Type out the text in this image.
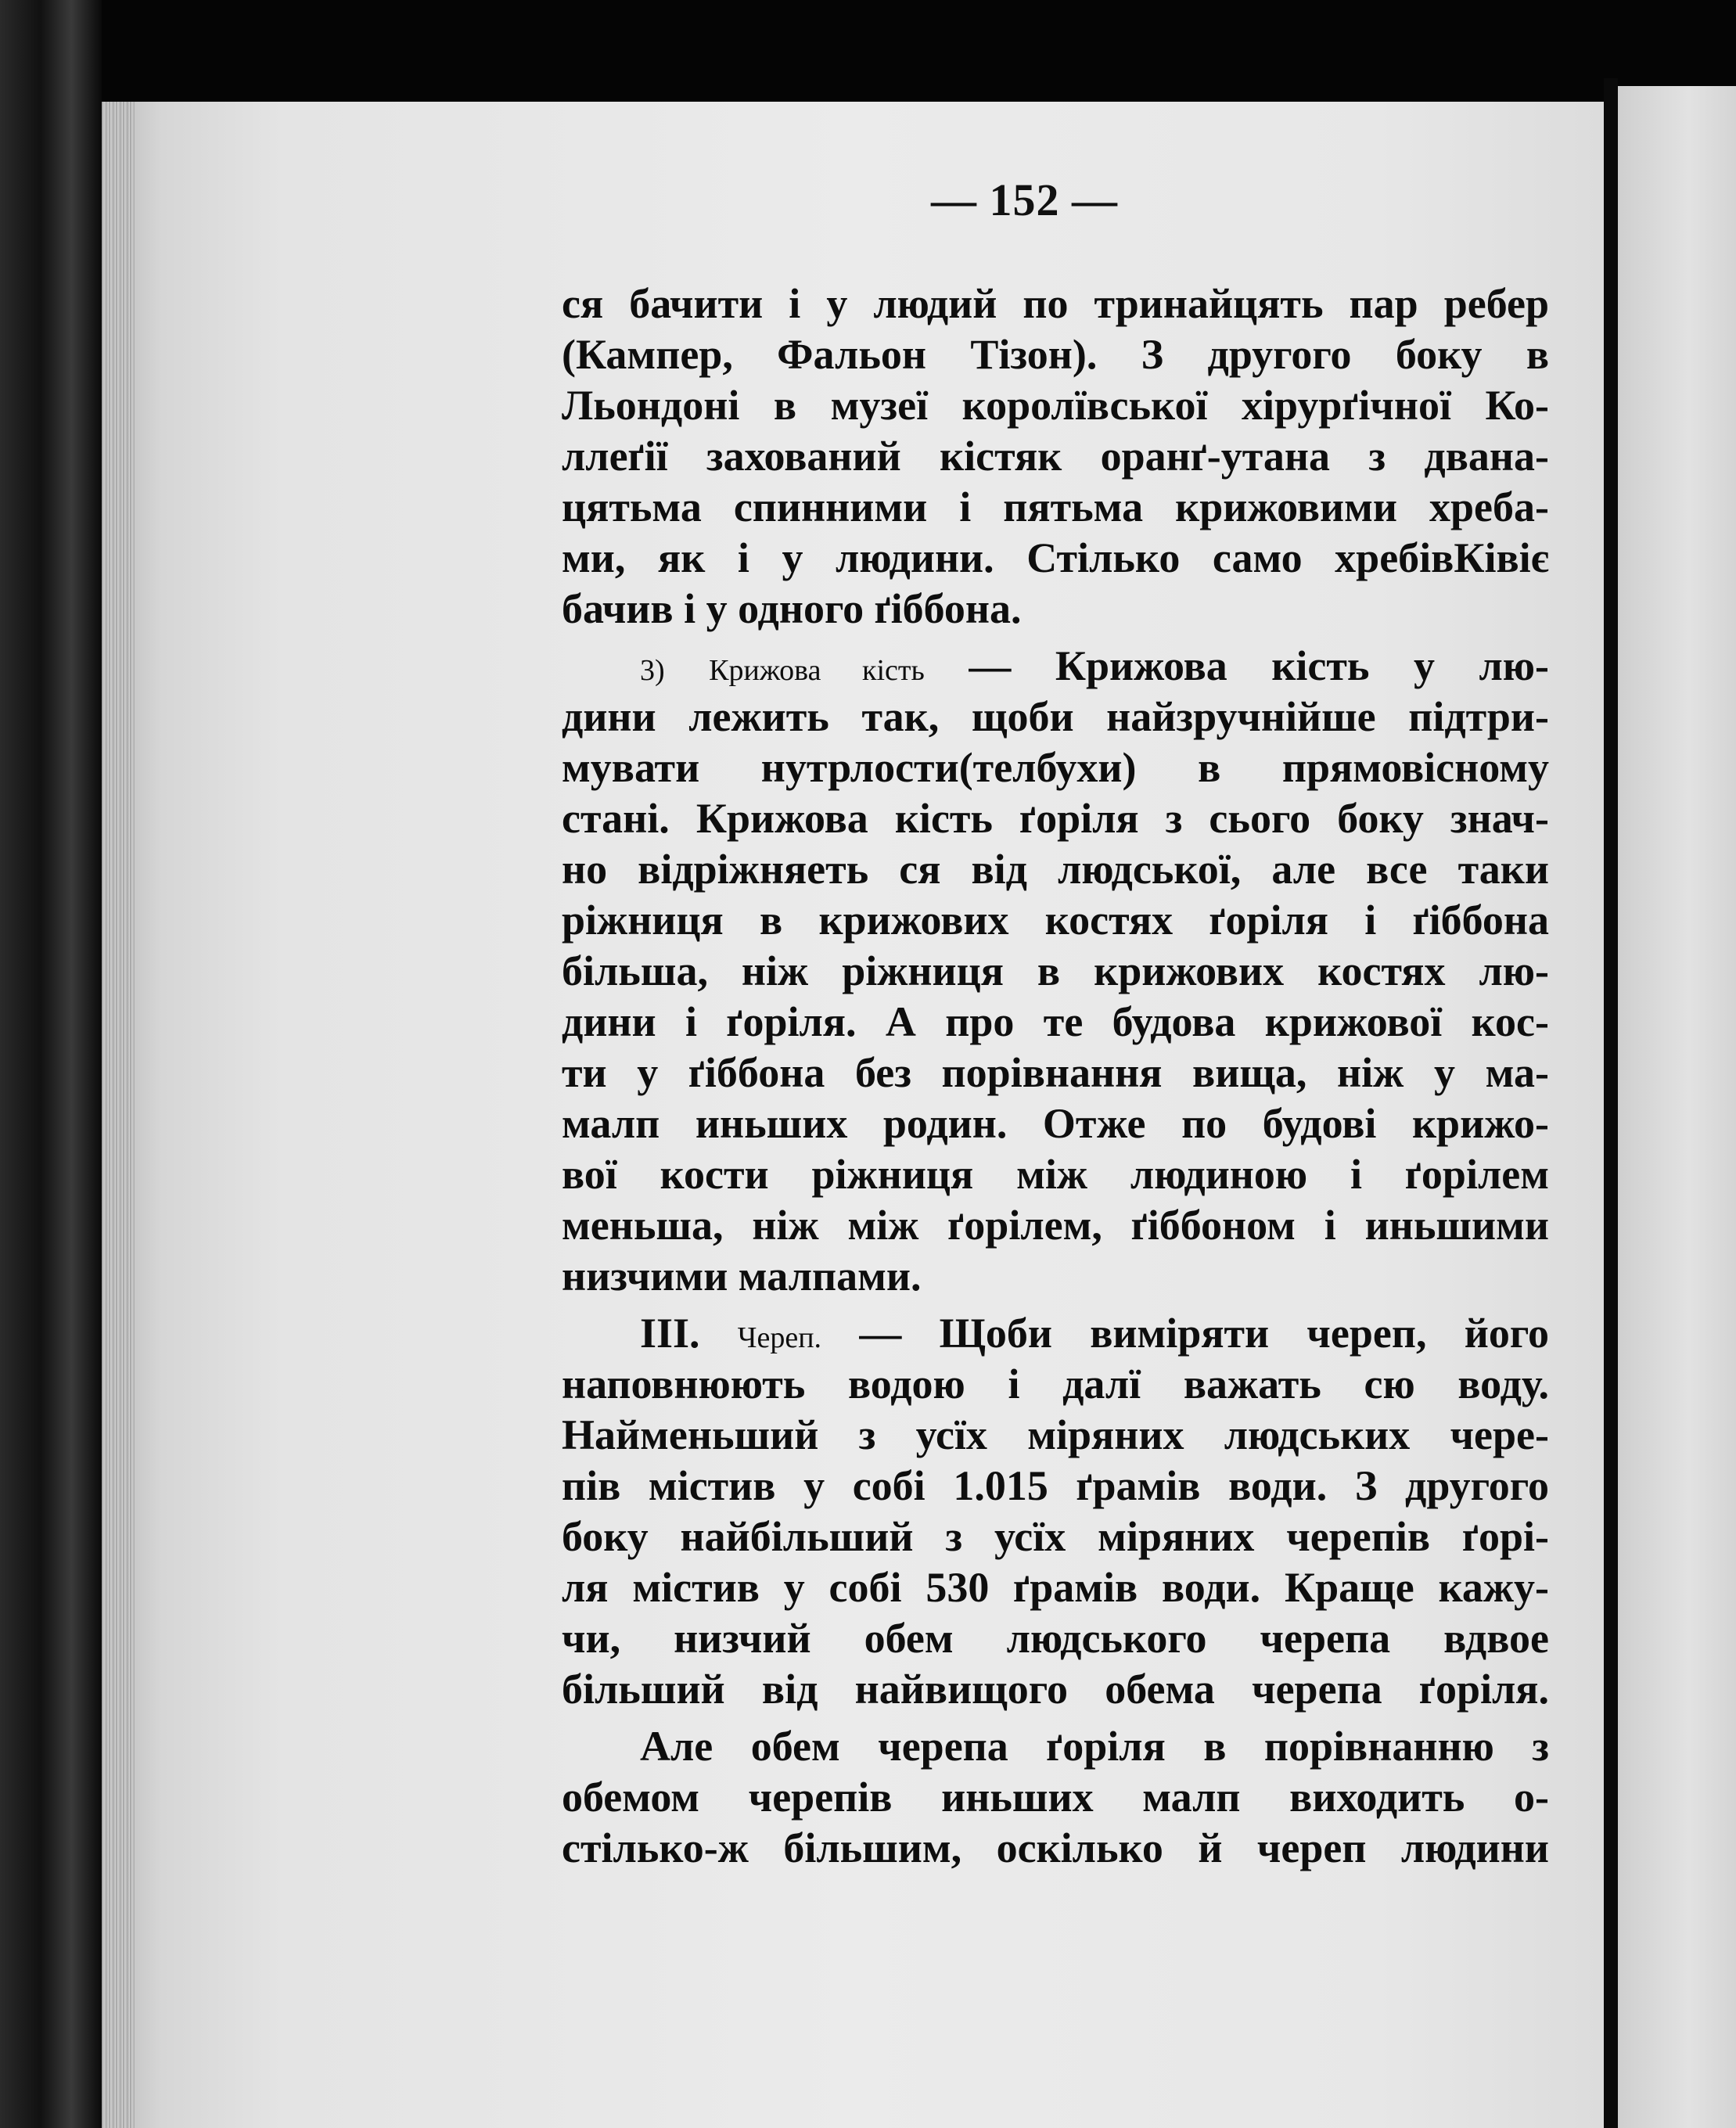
— 152 —
ся бачити і у людий по тринайцять пар ребер
(Кампер, Фальон Тізон). З другого боку в
Льондоні в музеї королївської хірурґічної Ко-
ллеґії захований кістяк оранґ-утана з двана-
цятьма спинними і пятьма крижовими хреба-
ми, як і у людини. Стілько само хребівКівіє
бачив і у одного ґіббона.
3) Крижова кість — Крижова кість у лю-
дини лежить так, щоби найзручнійше підтри-
мувати нутрлости(телбухи) в прямовісному
стані. Крижова кість ґоріля з сього боку знач-
но відріжняеть ся від людської, але все таки
ріжниця в крижових костях ґоріля і ґіббона
більша, ніж ріжниця в крижових костях лю-
дини і ґоріля. А про те будова крижової кос-
ти у ґіббона без порівнання вища, ніж у ма-
малп иньших родин. Отже по будові крижо-
вої кости ріжниця між людиною і ґорілем
меньша, ніж між ґорілем, ґіббоном і иньшими
низчими малпами.
III. Череп. — Щоби виміряти череп, його
наповнюють водою і далї важать сю воду.
Найменьший з усїх міряних людських чере-
пів містив у собі 1.015 ґрамів води. З другого
боку найбільший з усїх міряних черепів ґорі-
ля містив у собі 530 ґрамів води. Краще кажу-
чи, низчий обем людського черепа вдвое
більший від найвищого обема черепа ґоріля.
Але обем черепа ґоріля в порівнанню з
обемом черепів иньших малп виходить о-
стілько-ж більшим, оскілько й череп людини
